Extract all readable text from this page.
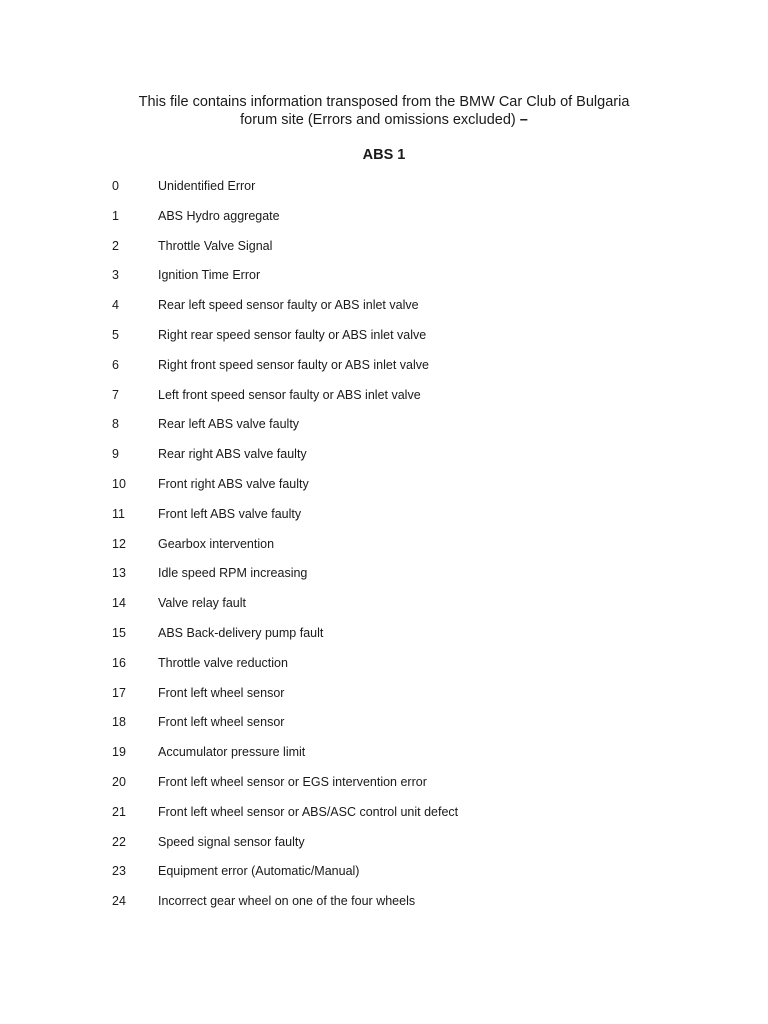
This file contains information transposed from the BMW Car Club of Bulgaria
forum site (Errors and omissions excluded) –
ABS 1
0	Unidentified Error
1	ABS Hydro aggregate
2	Throttle Valve Signal
3	Ignition Time Error
4	Rear left speed sensor faulty or ABS inlet valve
5	Right rear speed sensor faulty or ABS inlet valve
6	Right front speed sensor faulty or ABS inlet valve
7	Left front speed sensor faulty or ABS inlet valve
8	Rear left ABS valve faulty
9	Rear right ABS valve faulty
10	Front right ABS valve faulty
11	Front left ABS valve faulty
12	Gearbox intervention
13	Idle speed RPM increasing
14	Valve relay fault
15	ABS Back-delivery pump fault
16	Throttle valve reduction
17	Front left wheel sensor
18	Front left wheel sensor
19	Accumulator pressure limit
20	Front left wheel sensor or EGS intervention error
21	Front left wheel sensor or ABS/ASC control unit defect
22	Speed signal sensor faulty
23	Equipment error (Automatic/Manual)
24	Incorrect gear wheel on one of the four wheels
